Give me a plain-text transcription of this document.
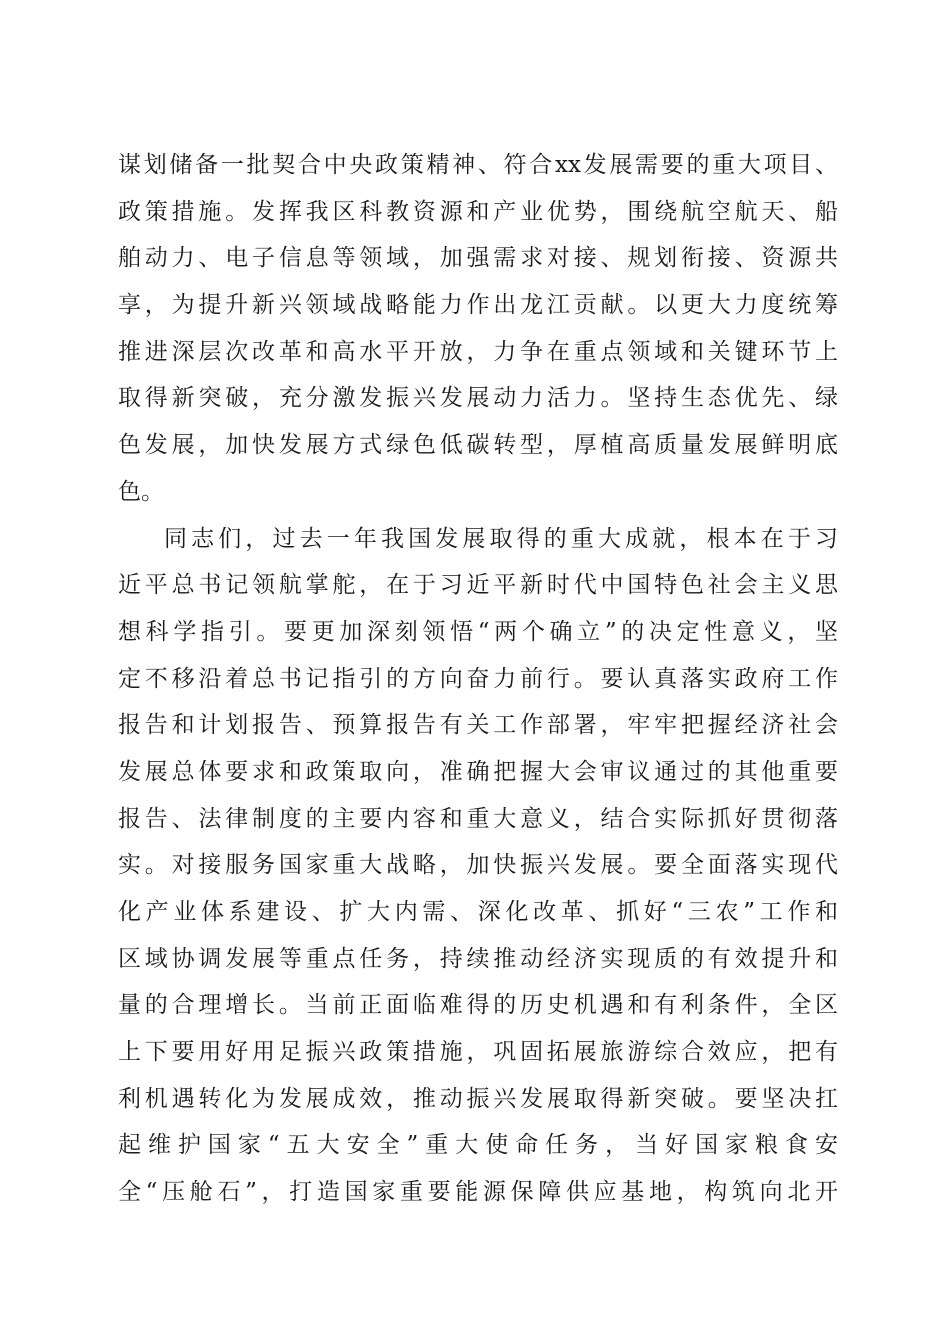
谋划储备一批契合中央政策精神、符合xx发展需要的重大项目、
政策措施。发挥我区科教资源和产业优势，围绕航空航天、船
舶动力、电子信息等领域，加强需求对接、规划衔接、资源共
享，为提升新兴领域战略能力作出龙江贡献。以更大力度统筹
推进深层次改革和高水平开放，力争在重点领域和关键环节上
取得新突破，充分激发振兴发展动力活力。坚持生态优先、绿
色发展，加快发展方式绿色低碳转型，厚植高质量发展鲜明底
色。
同志们，过去一年我国发展取得的重大成就，根本在于习
近平总书记领航掌舵，在于习近平新时代中国特色社会主义思
想科学指引。要更加深刻领悟“两个确立”的决定性意义，坚
定不移沿着总书记指引的方向奋力前行。要认真落实政府工作
报告和计划报告、预算报告有关工作部署，牢牢把握经济社会
发展总体要求和政策取向，准确把握大会审议通过的其他重要
报告、法律制度的主要内容和重大意义，结合实际抓好贯彻落
实。对接服务国家重大战略，加快振兴发展。要全面落实现代
化产业体系建设、扩大内需、深化改革、抓好“三农”工作和
区域协调发展等重点任务，持续推动经济实现质的有效提升和
量的合理增长。当前正面临难得的历史机遇和有利条件，全区
上下要用好用足振兴政策措施，巩固拓展旅游综合效应，把有
利机遇转化为发展成效，推动振兴发展取得新突破。要坚决扛
起维护国家“五大安全”重大使命任务，当好国家粮食安
全“压舱石”，打造国家重要能源保障供应基地，构筑向北开
